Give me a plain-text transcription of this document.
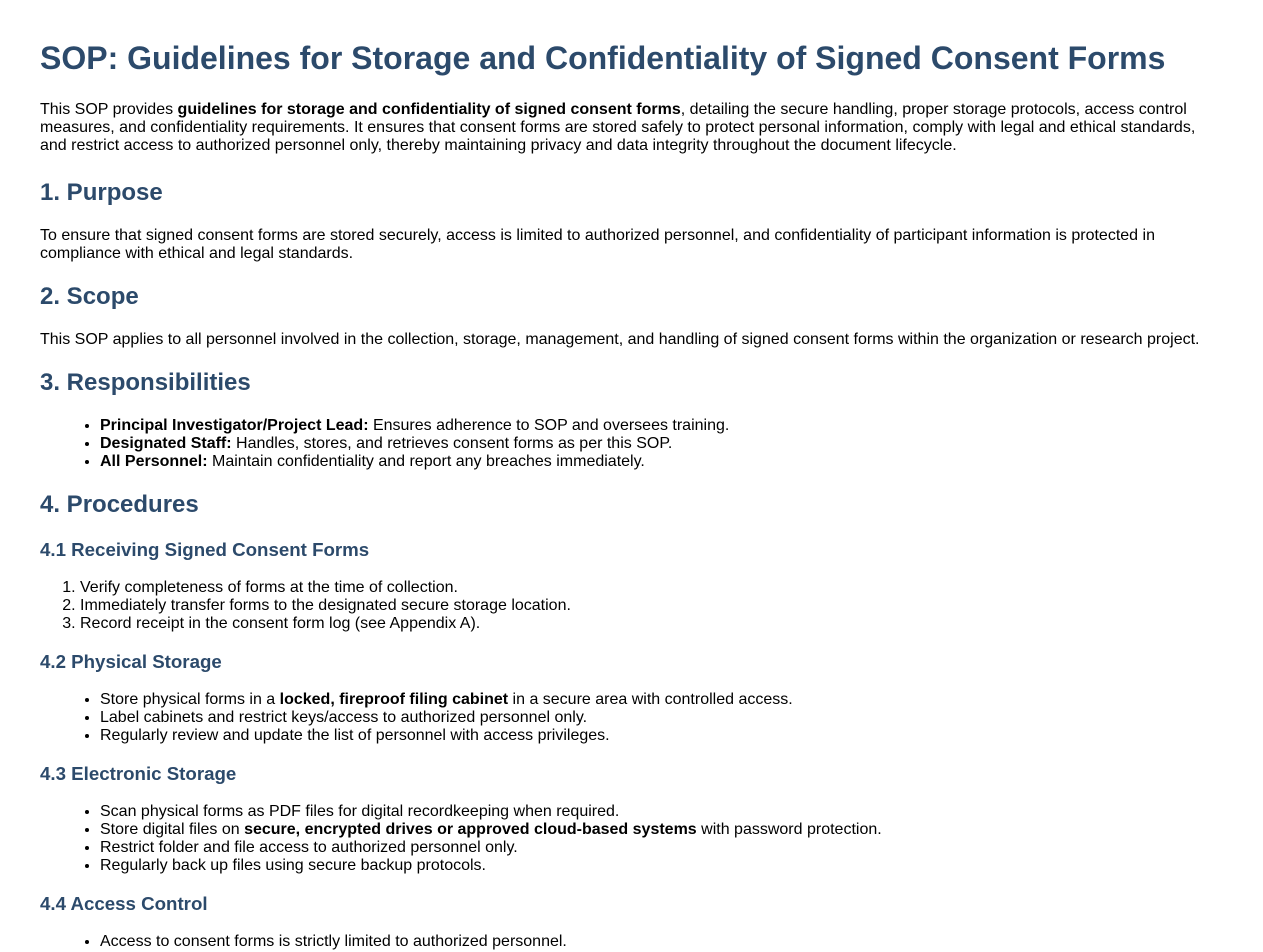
SOP: Guidelines for Storage and Confidentiality of Signed Consent Forms

This SOP provides guidelines for storage and confidentiality of signed consent forms, detailing the secure handling, proper storage protocols, access control measures, and confidentiality requirements. It ensures that consent forms are stored safely to protect personal information, comply with legal and ethical standards, and restrict access to authorized personnel only, thereby maintaining privacy and data integrity throughout the document lifecycle.

1. Purpose

To ensure that signed consent forms are stored securely, access is limited to authorized personnel, and confidentiality of participant information is protected in compliance with ethical and legal standards.

2. Scope

This SOP applies to all personnel involved in the collection, storage, management, and handling of signed consent forms within the organization or research project.

3. Responsibilities
• Principal Investigator/Project Lead: Ensures adherence to SOP and oversees training.
• Designated Staff: Handles, stores, and retrieves consent forms as per this SOP.
• All Personnel: Maintain confidentiality and report any breaches immediately.
4. Procedures
4.1 Receiving Signed Consent Forms
1. Verify completeness of forms at the time of collection.
2. Immediately transfer forms to the designated secure storage location.
3. Record receipt in the consent form log (see Appendix A).
4.2 Physical Storage
• Store physical forms in a locked, fireproof filing cabinet in a secure area with controlled access.
• Label cabinets and restrict keys/access to authorized personnel only.
• Regularly review and update the list of personnel with access privileges.
4.3 Electronic Storage
• Scan physical forms as PDF files for digital recordkeeping when required.
• Store digital files on secure, encrypted drives or approved cloud-based systems with password protection.
• Restrict folder and file access to authorized personnel only.
• Regularly back up files using secure backup protocols.
4.4 Access Control
• Access to consent forms is strictly limited to authorized personnel.
